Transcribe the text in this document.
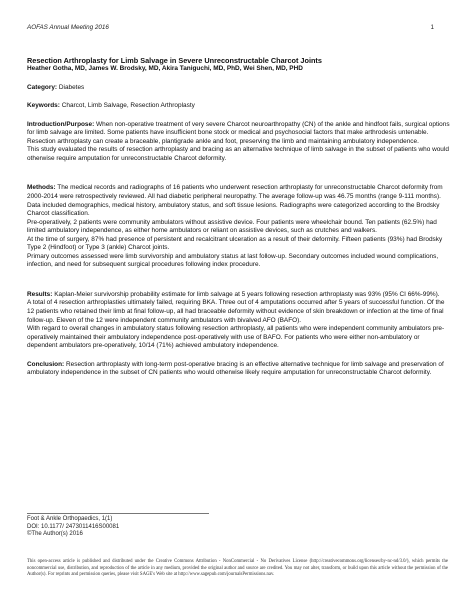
AOFAS Annual Meeting 2016	1
Resection Arthroplasty for Limb Salvage in Severe Unreconstructable Charcot Joints
Heather Gotha, MD, James W. Brodsky, MD, Akira Taniguchi, MD, PhD, Wei Shen, MD, PHD

Category: Diabetes

Keywords: Charcot, Limb Salvage, Resection Arthroplasty

Introduction/Purpose: When non-operative treatment of very severe Charcot neuroarthropathy (CN) of the ankle and hindfoot fails, surgical options for limb salvage are limited. Some patients have insufficient bone stock or medical and psychosocial factors that make arthrodesis untenable. Resection arthroplasty can create a braceable, plantigrade ankle and foot, preserving the limb and maintaining ambulatory independence.

This study evaluated the results of resection arthroplasty and bracing as an alternative technique of limb salvage in the subset of patients who would otherwise require amputation for unreconstructable Charcot deformity.

Methods: The medical records and radiographs of 16 patients who underwent resection arthroplasty for unreconstructable Charcot deformity from 2000-2014 were retrospectively reviewed. All had diabetic peripheral neuropathy. The average follow-up was 46.75 months (range 9-111 months).

Data included demographics, medical history, ambulatory status, and soft tissue lesions. Radiographs were categorized according to the Brodsky Charcot classification.

Pre-operatively, 2 patients were community ambulators without assistive device. Four patients were wheelchair bound. Ten patients (62.5%) had limited ambulatory independence, as either home ambulators or reliant on assistive devices, such as crutches and walkers.

At the time of surgery, 87% had presence of persistent and recalcitrant ulceration as a result of their deformity. Fifteen patients (93%) had Brodsky Type 2 (Hindfoot) or Type 3 (ankle) Charcot joints.

Primary outcomes assessed were limb survivorship and ambulatory status at last follow-up. Secondary outcomes included wound complications, infection, and need for subsequent surgical procedures following index procedure.

Results: Kaplan-Meier survivorship probability estimate for limb salvage at 5 years following resection arthroplasty was 93% (95% CI 66%-99%).

A total of 4 resection arthroplasties ultimately failed, requiring BKA. Three out of 4 amputations occurred after 5 years of successful function. Of the 12 patients who retained their limb at final follow-up, all had braceable deformity without evidence of skin breakdown or infection at the time of final follow-up. Eleven of the 12 were independent community ambulators with bivalved AFO (BAFO).

With regard to overall changes in ambulatory status following resection arthroplasty, all patients who were independent community ambulators pre-operatively maintained their ambulatory independence post-operatively with use of BAFO. For patients who were either non-ambulatory or dependent ambulators pre-operatively, 10/14 (71%) achieved ambulatory independence.

Conclusion: Resection arthroplasty with long-term post-operative bracing is an effective alternative technique for limb salvage and preservation of ambulatory independence in the subset of CN patients who would otherwise likely require amputation for unreconstructable Charcot deformity.

Foot & Ankle Orthopaedics, 1(1)
DOI: 10.1177/ 2473011416S00081
©The Author(s) 2016
This open-access article is published and distributed under the Creative Commons Attribution - NonCommercial - No Derivatives License (http://creativecommons.org/licenses/by-nc-nd/3.0/), which permits the noncommercial use, distribution, and reproduction of the article in any medium, provided the original author and source are credited. You may not alter, transform, or build upon this article without the permission of the Author(s). For reprints and permission queries, please visit SAGE's Web site at http://www.sagepub.com/journalsPermissions.nav.
